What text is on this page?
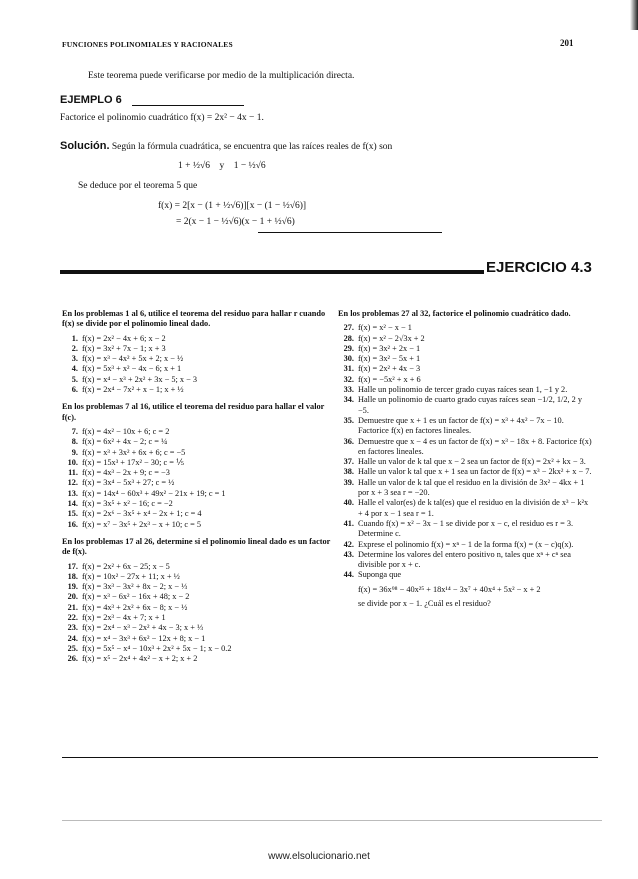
FUNCIONES POLINOMIALES Y RACIONALES	201
Este teorema puede verificarse por medio de la multiplicación directa.
EJEMPLO 6
Factorice el polinomio cuadrático f(x) = 2x² − 4x − 1.
Solución. Según la fórmula cuadrática, se encuentra que las raíces reales de f(x) son
1 + ½√6    y    1 − ½√6
Se deduce por el teorema 5 que
f(x) = 2[x − (1 + ½√6)][x − (1 − ½√6)]
= 2(x − 1 − ½√6)(x − 1 + ½√6)
EJERCICIO 4.3
En los problemas 1 al 6, utilice el teorema del residuo para hallar r cuando f(x) se divide por el polinomio lineal dado.
1. f(x) = 2x² − 4x + 6; x − 2
2. f(x) = 3x² + 7x − 1; x + 3
3. f(x) = x³ − 4x² + 5x + 2; x − ½
4. f(x) = 5x³ + x² − 4x − 6; x + 1
5. f(x) = x⁴ − x³ + 2x² + 3x − 5; x − 3
6. f(x) = 2x⁴ − 7x² + x − 1; x + ½
En los problemas 7 al 16, utilice el teorema del residuo para hallar el valor f(c).
7. f(x) = 4x² − 10x + 6; c = 2
8. f(x) = 6x² + 4x − 2; c = ¼
9. f(x) = x³ + 3x² + 6x + 6; c = −5
10. f(x) = 15x³ + 17x² − 30; c = ⅕
11. f(x) = 4x³ − 2x + 9; c = −3
12. f(x) = 3x⁴ − 5x³ + 27; c = ½
13. f(x) = 14x⁴ − 60x³ + 49x² − 21x + 19; c = 1
14. f(x) = 3x⁵ + x² − 16; c = −2
15. f(x) = 2x⁶ − 3x⁵ + x⁴ − 2x + 1; c = 4
16. f(x) = x⁷ − 3x⁵ + 2x³ − x + 10; c = 5
En los problemas 17 al 26, determine si el polinomio lineal dado es un factor de f(x).
17. f(x) = 2x² + 6x − 25; x − 5
18. f(x) = 10x² − 27x + 11; x + ½
19. f(x) = 3x³ − 3x² + 8x − 2; x − ⅓
20. f(x) = x³ − 6x² − 16x + 48; x − 2
21. f(x) = 4x³ + 2x² + 6x − 8; x − ½
22. f(x) = 2x³ − 4x + 7; x + 1
23. f(x) = 2x⁴ − x³ − 2x² + 4x − 3; x + ⅓
24. f(x) = x⁴ − 3x³ + 6x² − 12x + 8; x − 1
25. f(x) = 5x⁵ − x⁴ − 10x³ + 2x² + 5x − 1; x − 0.2
26. f(x) = x⁵ − 2x⁴ + 4x² − x + 2; x + 2
En los problemas 27 al 32, factorice el polinomio cuadrático dado.
27. f(x) = x² − x − 1
28. f(x) = x² − 2√3x + 2
29. f(x) = 3x² + 2x − 1
30. f(x) = 3x² − 5x + 1
31. f(x) = 2x² + 4x − 3
32. f(x) = −5x² + x + 6
33. Halle un polinomio de tercer grado cuyas raíces sean 1, −1 y 2.
34. Halle un polinomio de cuarto grado cuyas raíces sean −1/2, 1/2, 2 y −5.
35. Demuestre que x + 1 es un factor de f(x) = x³ + 4x² − 7x − 10. Factorice f(x) en factores lineales.
36. Demuestre que x − 4 es un factor de f(x) = x³ − 18x + 8. Factorice f(x) en factores lineales.
37. Halle un valor de k tal que x − 2 sea un factor de f(x) = 2x² + kx − 3.
38. Halle un valor k tal que x + 1 sea un factor de f(x) = x³ − 2kx² + x − 7.
39. Halle un valor de k tal que el residuo en la división de 3x² − 4kx + 1 por x + 3 sea r = −20.
40. Halle el valor(es) de k tal(es) que el residuo en la división de x³ − k²x + 4 por x − 1 sea r = 1.
41. Cuando f(x) = x² − 3x − 1 se divide por x − c, el residuo es r = 3. Determine c.
42. Exprese el polinomio f(x) = xⁿ − 1 de la forma f(x) = (x − c)q(x).
43. Determine los valores del entero positivo n, tales que xⁿ + cⁿ sea divisible por x + c.
44. Suponga que
f(x) = 36x⁹⁸ − 40x²⁵ + 18x¹⁴ − 3x⁷ + 40x⁴ + 5x² − x + 2
se divide por x − 1. ¿Cuál es el residuo?
www.elsolucionario.net
